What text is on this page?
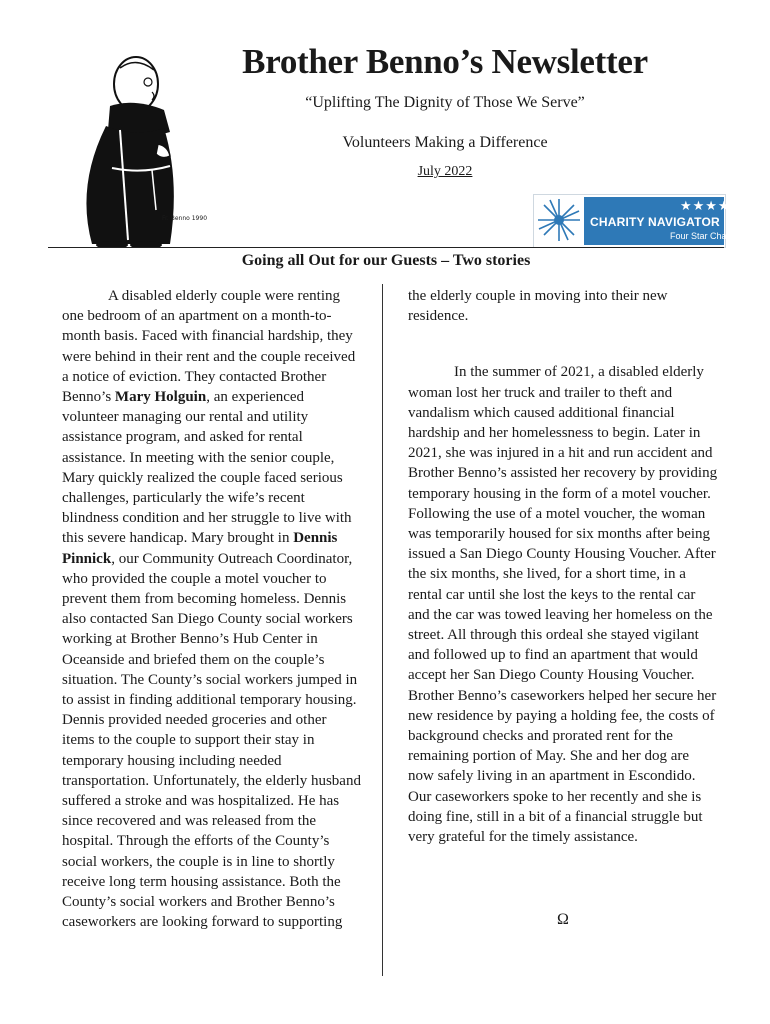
Fr. Benno 1990
Brother Benno’s Newsletter
“Uplifting The Dignity of Those We Serve”
Volunteers Making a Difference
July 2022
★★★★
CHARITY NAVIGATOR
Four Star Charity
Going all Out for our Guests – Two stories

A disabled elderly couple were renting one bedroom of an apartment on a month-to-month basis. Faced with financial hardship, they were behind in their rent and the couple received a notice of eviction. They contacted Brother Benno’s Mary Holguin, an experienced volunteer managing our rental and utility assistance program, and asked for rental assistance. In meeting with the senior couple, Mary quickly realized the couple faced serious challenges, particularly the wife’s recent blindness condition and her struggle to live with this severe handicap. Mary brought in Dennis Pinnick, our Community Outreach Coordinator, who provided the couple a motel voucher to prevent them from becoming homeless. Dennis also contacted San Diego County social workers working at Brother Benno’s Hub Center in Oceanside and briefed them on the couple’s situation. The County’s social workers jumped in to assist in finding additional temporary housing. Dennis provided needed groceries and other items to the couple to support their stay in temporary housing including needed transportation. Unfortunately, the elderly husband suffered a stroke and was hospitalized. He has since recovered and was released from the hospital. Through the efforts of the County’s social workers, the couple is in line to shortly receive long term housing assistance. Both the County’s social workers and Brother Benno’s caseworkers are looking forward to supporting

the elderly couple in moving into their new residence.

In the summer of 2021, a disabled elderly woman lost her truck and trailer to theft and vandalism which caused additional financial hardship and her homelessness to begin. Later in 2021, she was injured in a hit and run accident and Brother Benno’s assisted her recovery by providing temporary housing in the form of a motel voucher. Following the use of a motel voucher, the woman was temporarily housed for six months after being issued a San Diego County Housing Voucher. After the six months, she lived, for a short time, in a rental car until she lost the keys to the rental car and the car was towed leaving her homeless on the street. All through this ordeal she stayed vigilant and followed up to find an apartment that would accept her San Diego County Housing Voucher. Brother Benno’s caseworkers helped her secure her new residence by paying a holding fee, the costs of background checks and prorated rent for the remaining portion of May. She and her dog are now safely living in an apartment in Escondido. Our caseworkers spoke to her recently and she is doing fine, still in a bit of a financial struggle but very grateful for the timely assistance.

Ω
